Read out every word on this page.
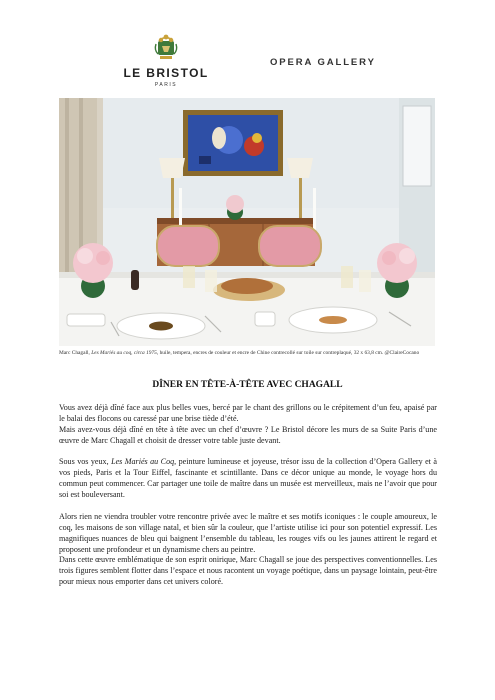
LE BRISTOL
PARIS
OPERA GALLERY
Marc Chagall, Les Mariés au coq, circa 1975, huile, tempera, encres de couleur et encre de Chine contrecollé sur toile sur contreplaqué, 32 x 63,8 cm. @ClaireCocano
DÎNER EN TÊTE-À-TÊTE AVEC CHAGALL

Vous avez déjà dîné face aux plus belles vues, bercé par le chant des grillons ou le crépitement d’un feu, apaisé par le balai des flocons ou caressé par une brise tiède d’été.

Mais avez-vous déjà dîné en tête à tête avec un chef d’œuvre ? Le Bristol décore les murs de sa Suite Paris d’une œuvre de Marc Chagall et choisit de dresser votre table juste devant.

Sous vos yeux, Les Mariés au Coq, peinture lumineuse et joyeuse, trésor issu de la collection d’Opera Gallery et à vos pieds, Paris et la Tour Eiffel, fascinante et scintillante. Dans ce décor unique au monde, le voyage hors du commun peut commencer. Car partager une toile de maître dans un musée est merveilleux, mais ne l’avoir que pour soi est bouleversant.

Alors rien ne viendra troubler votre rencontre privée avec le maître et ses motifs iconiques : le couple amoureux, le coq, les maisons de son village natal, et bien sûr la couleur, que l’artiste utilise ici pour son potentiel expressif. Les magnifiques nuances de bleu qui baignent l’ensemble du tableau, les rouges vifs ou les jaunes attirent le regard et proposent une profondeur et un dynamisme chers au peintre.

Dans cette œuvre emblématique de son esprit onirique, Marc Chagall se joue des perspectives conventionnelles. Les trois figures semblent flotter dans l’espace et nous racontent un voyage poétique, dans un paysage lointain, peut-être pour mieux nous emporter dans cet univers coloré.
